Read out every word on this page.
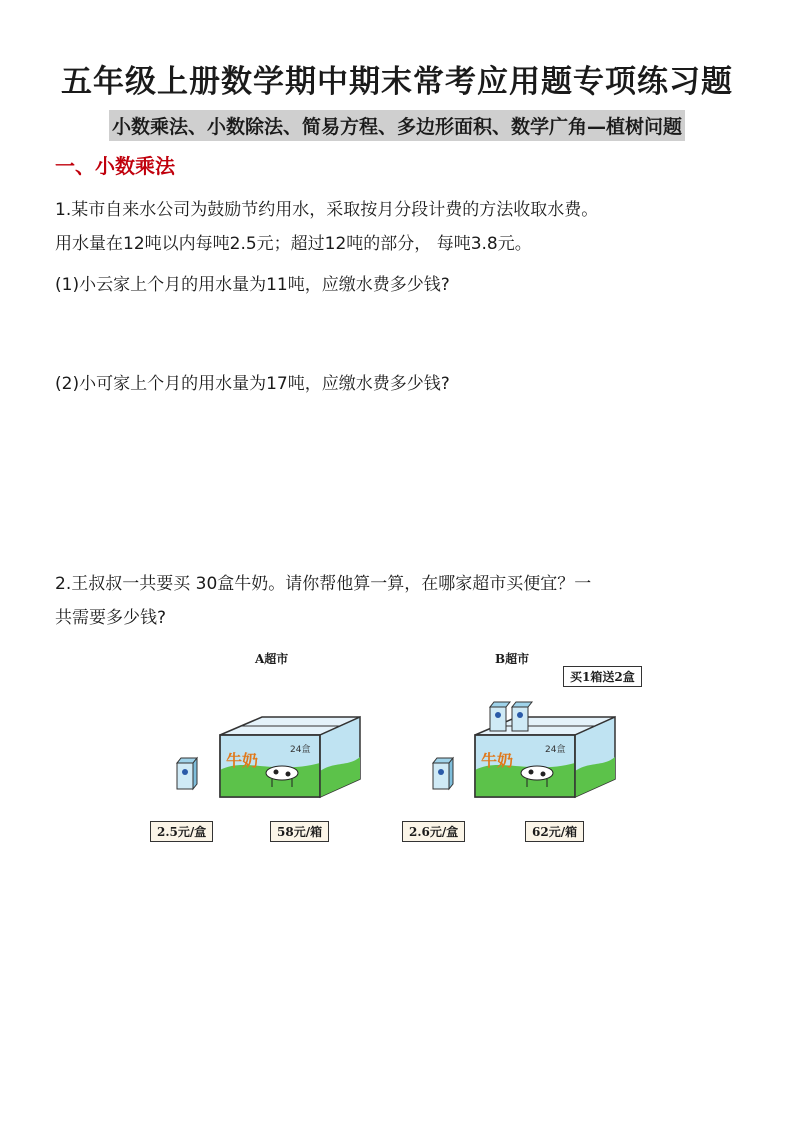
五年级上册数学期中期末常考应用题专项练习题
小数乘法、小数除法、简易方程、多边形面积、数学广角—植树问题
一、小数乘法
1.某市自来水公司为鼓励节约用水，采取按月分段计费的方法收取水费。
用水量在12吨以内每吨2.5元；超过12吨的部分， 每吨3.8元。
(1)小云家上个月的用水量为11吨，应缴水费多少钱?
(2)小可家上个月的用水量为17吨，应缴水费多少钱?
2.王叔叔一共要买 30盒牛奶。请你帮他算一算，在哪家超市买便宜？一
共需要多少钱?
A超市
牛奶
24盒
牛奶
24盒
2.5元/盒	58元/箱
B超市
买1箱送2盒
2.6元/盒	62元/箱
